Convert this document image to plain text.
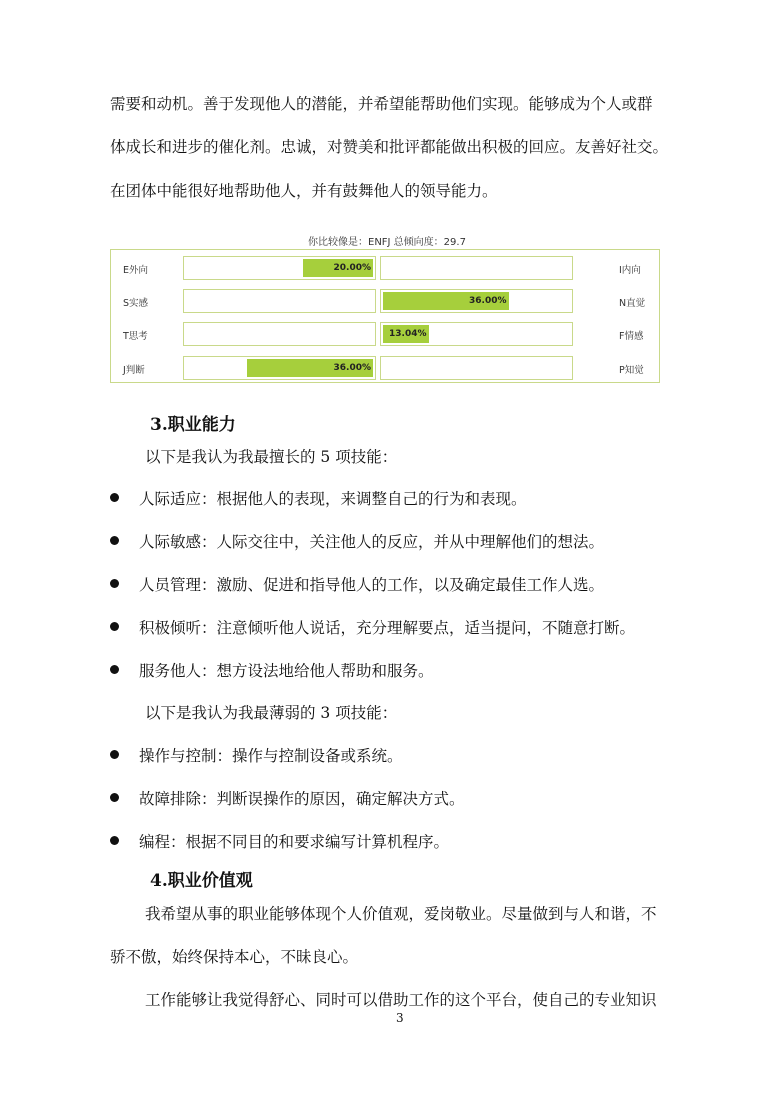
需要和动机。善于发现他人的潜能，并希望能帮助他们实现。能够成为个人或群
体成长和进步的催化剂。忠诚，对赞美和批评都能做出积极的回应。友善好社交。
在团体中能很好地帮助他人，并有鼓舞他人的领导能力。
你比较像是：ENFJ 总倾向度：29.7
E外向	20.00%	I内向
S实感	36.00%	N直觉
T思考	13.04%	F情感
J判断	36.00%	P知觉
3.职业能力
以下是我认为我最擅长的 5 项技能：
人际适应：根据他人的表现，来调整自己的行为和表现。
人际敏感：人际交往中，关注他人的反应，并从中理解他们的想法。
人员管理：激励、促进和指导他人的工作，以及确定最佳工作人选。
积极倾听：注意倾听他人说话，充分理解要点，适当提问，不随意打断。
服务他人：想方设法地给他人帮助和服务。
以下是我认为我最薄弱的 3 项技能：
操作与控制：操作与控制设备或系统。
故障排除：判断误操作的原因，确定解决方式。
编程：根据不同目的和要求编写计算机程序。
4.职业价值观
我希望从事的职业能够体现个人价值观，爱岗敬业。尽量做到与人和谐，不
骄不傲，始终保持本心，不昧良心。
工作能够让我觉得舒心、同时可以借助工作的这个平台，使自己的专业知识
3
